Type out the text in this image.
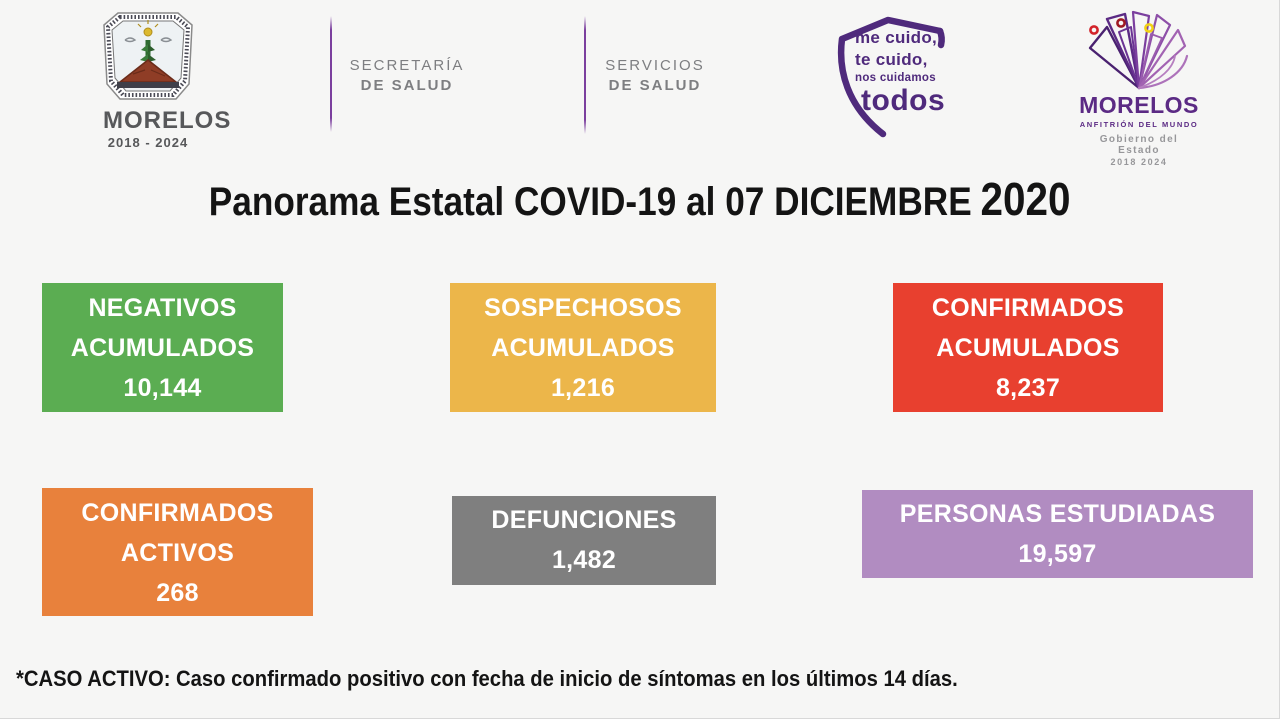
MORELOS
2018 - 2024
SECRETARÍA
DE SALUD
SERVICIOS
DE SALUD
me cuido,
te cuido,
nos cuidamos
todos	MORELOS
ANFITRIÓN DEL MUNDO
Gobierno del Estado
2018 2024
Panorama Estatal COVID-19 al 07 DICIEMBRE 2020
NEGATIVOS
ACUMULADOS
10,144
SOSPECHOSOS
ACUMULADOS
1,216
CONFIRMADOS
ACUMULADOS
8,237
CONFIRMADOS
ACTIVOS
268
DEFUNCIONES
1,482
PERSONAS ESTUDIADAS
19,597
*CASO ACTIVO: Caso confirmado positivo con fecha de inicio de síntomas en los últimos 14 días.
